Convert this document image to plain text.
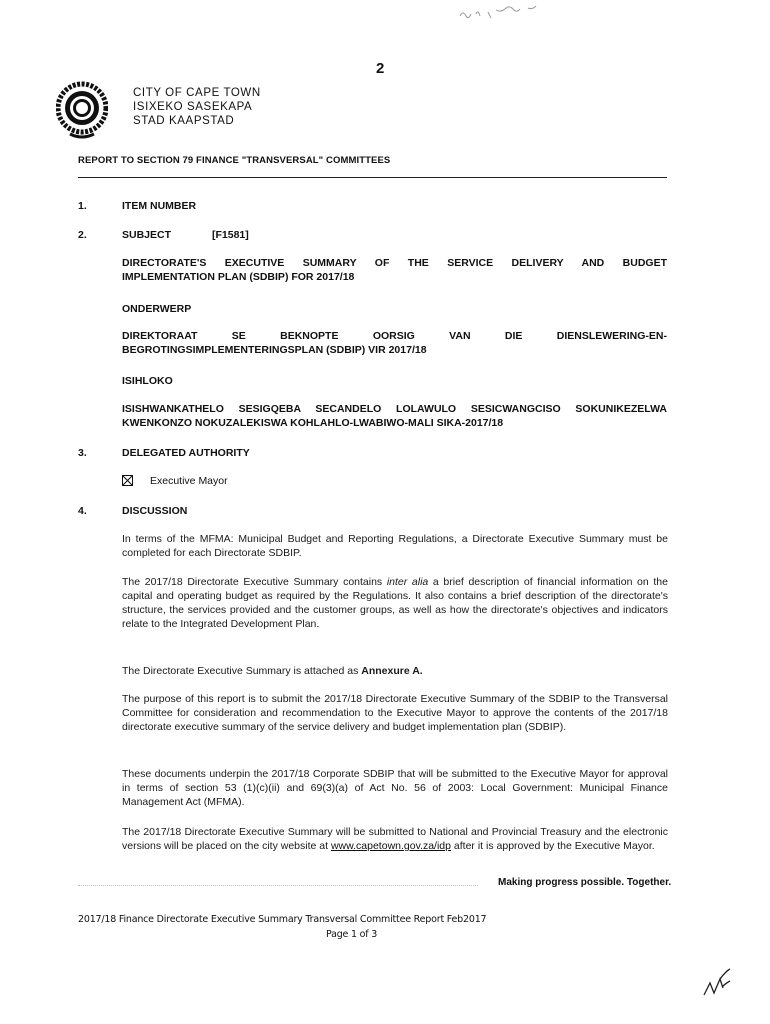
2
CITY OF CAPE TOWN
ISIXEKO SASEKAPA
STAD KAAPSTAD
REPORT TO SECTION 79 FINANCE "TRANSVERSAL" COMMITTEES
1.	ITEM NUMBER
2.	SUBJECT	[F1581]
DIRECTORATE'S EXECUTIVE SUMMARY OF THE SERVICE DELIVERY AND BUDGET
IMPLEMENTATION PLAN (SDBIP) FOR 2017/18
ONDERWERP
DIREKTORAAT SE BEKNOPTE OORSIG VAN DIE DIENSLEWERING-EN-
BEGROTINGSIMPLEMENTERINGSPLAN (SDBIP) VIR 2017/18
ISIHLOKO
ISISHWANKATHELO SESIGQEBA SECANDELO LOLAWULO SESICWANGCISO SOKUNIKEZELWA
KWENKONZO NOKUZALEKISWA KOHLAHLO-LWABIWO-MALI SIKA-2017/18
3.	DELEGATED AUTHORITY
Executive Mayor
4.	DISCUSSION

In terms of the MFMA: Municipal Budget and Reporting Regulations, a Directorate Executive Summary must be completed for each Directorate SDBIP.

The 2017/18 Directorate Executive Summary contains inter alia a brief description of financial information on the capital and operating budget as required by the Regulations. It also contains a brief description of the directorate's structure, the services provided and the customer groups, as well as how the directorate's objectives and indicators relate to the Integrated Development Plan.

The Directorate Executive Summary is attached as Annexure A.

The purpose of this report is to submit the 2017/18 Directorate Executive Summary of the SDBIP to the Transversal Committee for consideration and recommendation to the Executive Mayor to approve the contents of the 2017/18 directorate executive summary of the service delivery and budget implementation plan (SDBIP).

These documents underpin the 2017/18 Corporate SDBIP that will be submitted to the Executive Mayor for approval in terms of section 53 (1)(c)(ii) and 69(3)(a) of Act No. 56 of 2003: Local Government: Municipal Finance Management Act (MFMA).

The 2017/18 Directorate Executive Summary will be submitted to National and Provincial Treasury and the electronic versions will be placed on the city website at www.capetown.gov.za/idp after it is approved by the Executive Mayor.

Making progress possible. Together.
2017/18 Finance Directorate Executive Summary Transversal Committee Report Feb2017
Page 1 of 3
